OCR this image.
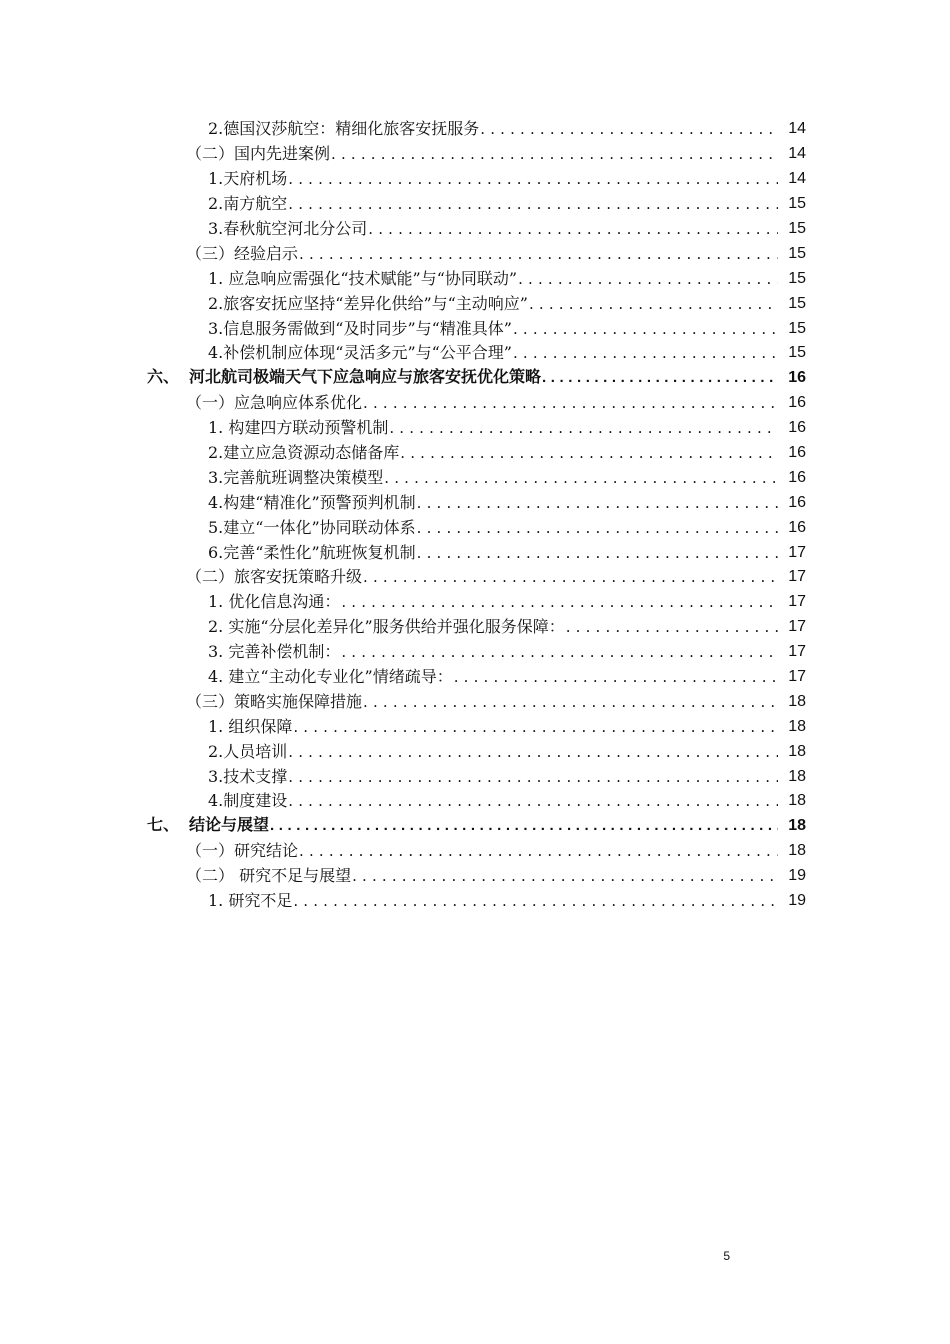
2.德国汉莎航空：精细化旅客安抚服务 . . .	14
（二）国内先进案例 . . .	14
1.天府机场 . . .	14
2.南方航空 . . .	15
3.春秋航空河北分公司 . . .	15
（三）经验启示 . . .	15
1. 应急响应需强化“技术赋能”与“协同联动” . . .	15
2.旅客安抚应坚持“差异化供给”与“主动响应” . . .	15
3.信息服务需做到“及时同步”与“精准具体” . . .	15
4.补偿机制应体现“灵活多元”与“公平合理” . . .	15
六、 河北航司极端天气下应急响应与旅客安抚优化策略 . . .	16
（一）应急响应体系优化 . . .	16
1. 构建四方联动预警机制 . . .	16
2.建立应急资源动态储备库 . . .	16
3.完善航班调整决策模型 . . .	16
4.构建“精准化”预警预判机制 . . .	16
5.建立“一体化”协同联动体系 . . .	16
6.完善“柔性化”航班恢复机制 . . .	17
（二）旅客安抚策略升级 . . .	17
1. 优化信息沟通： . . .	17
2. 实施“分层化差异化”服务供给并强化服务保障： . . .	17
3. 完善补偿机制： . . .	17
4. 建立“主动化专业化”情绪疏导： . . .	17
（三）策略实施保障措施 . . .	18
1. 组织保障 . . .	18
2.人员培训 . . .	18
3.技术支撑 . . .	18
4.制度建设 . . .	18
七、 结论与展望 . . .	18
（一）研究结论 . . .	18
（二） 研究不足与展望 . . .	19
1. 研究不足 . . .	19
5
